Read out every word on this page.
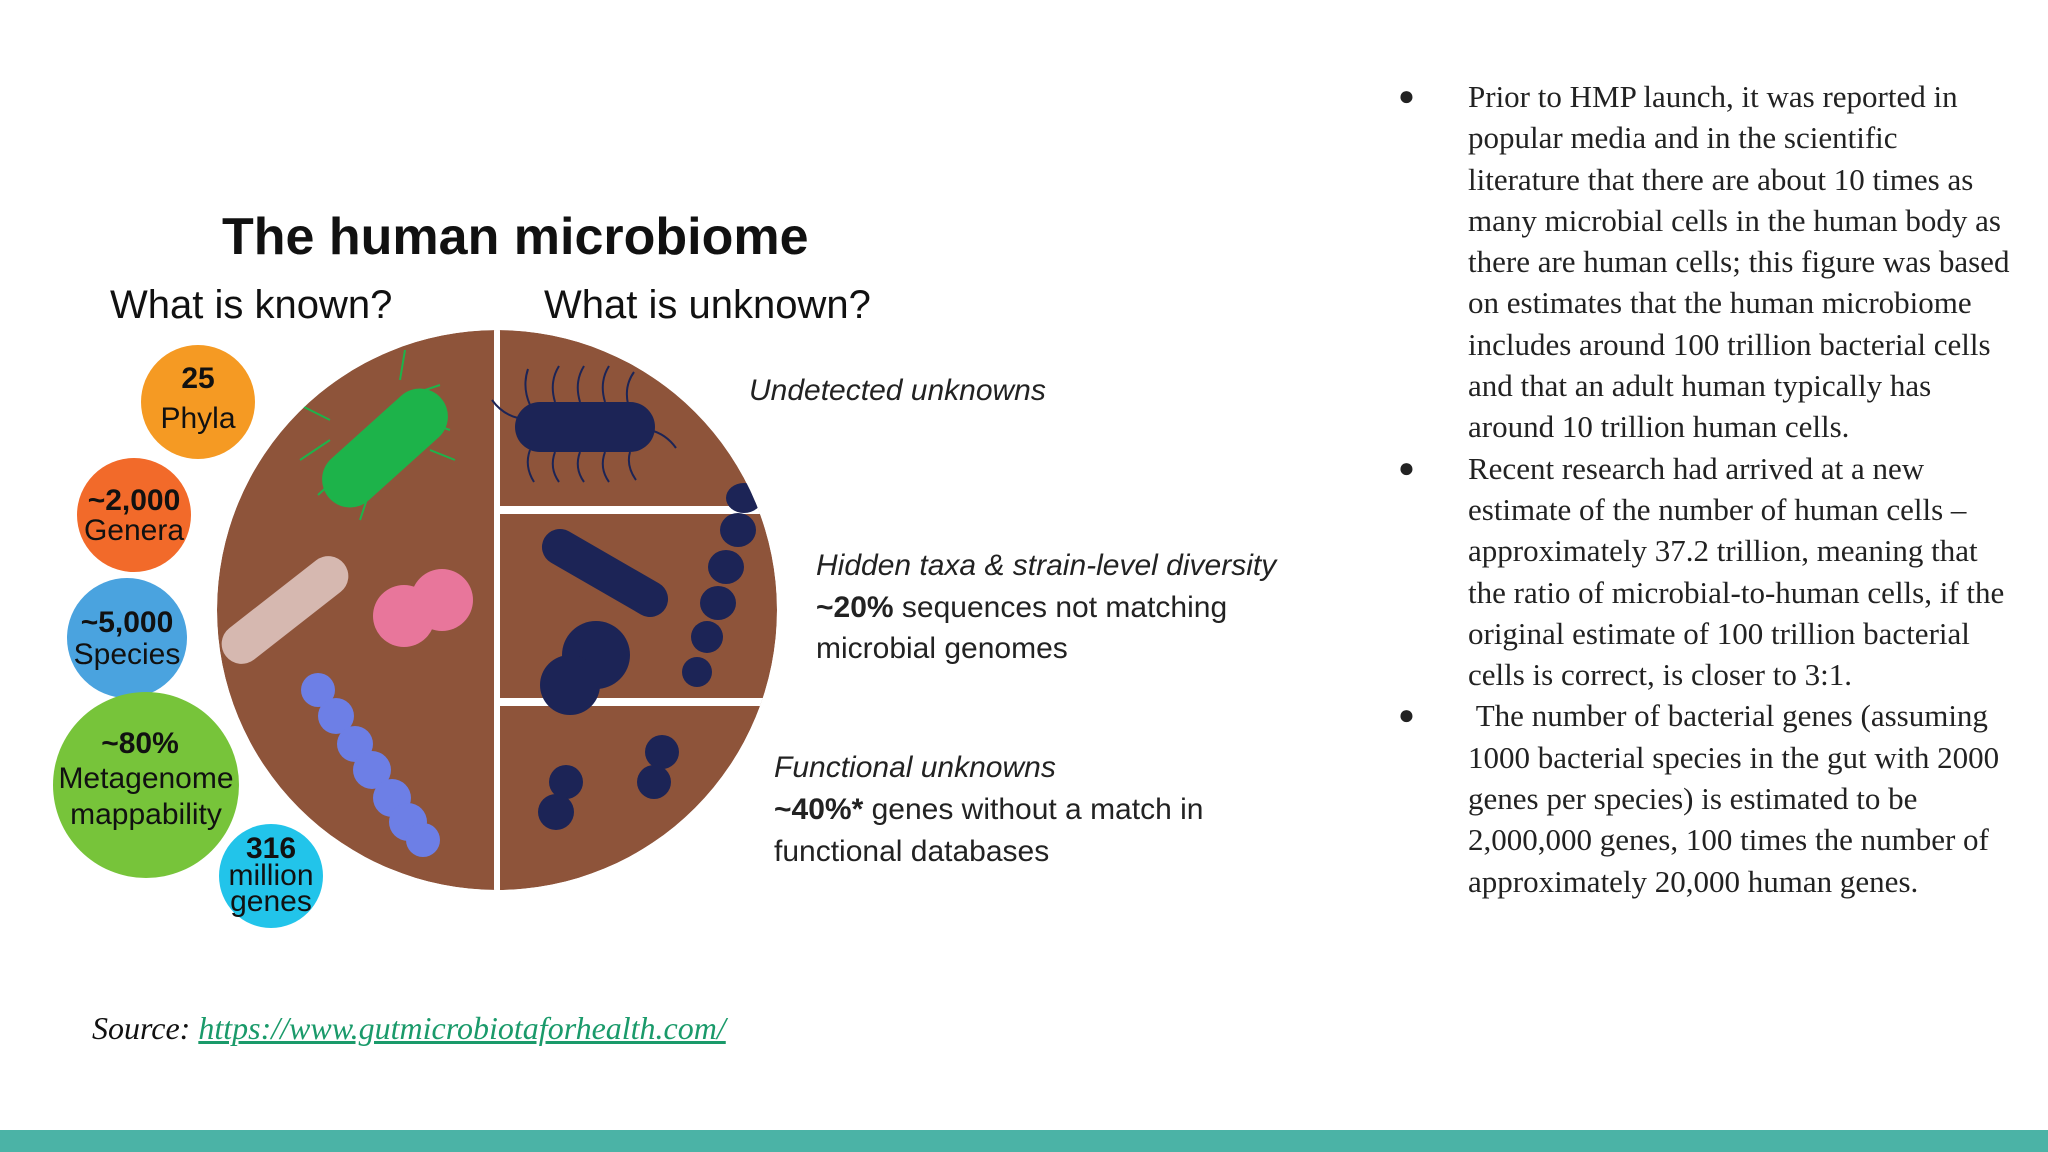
The human microbiome
What is known?	What is unknown?
25
Phyla
~2,000
Genera
~5,000
Species
~80%
Metagenome
mappability
316
million
genes
Undetected unknowns
Hidden taxa & strain-level diversity
~20% sequences not matching
microbial genomes
Functional unknowns
~40%* genes without a match in
functional databases
Source: https://www.gutmicrobiotaforhealth.com/
● Prior to HMP launch, it was reported in popular media and in the scientific literature that there are about 10 times as many microbial cells in the human body as there are human cells; this figure was based on estimates that the human microbiome includes around 100 trillion bacterial cells and that an adult human typically has around 10 trillion human cells.
● Recent research had arrived at a new estimate of the number of human cells – approximately 37.2 trillion, meaning that the ratio of microbial-to-human cells, if the original estimate of 100 trillion bacterial cells is correct, is closer to 3:1.
● The number of bacterial genes (assuming 1000 bacterial species in the gut with 2000 genes per species) is estimated to be 2,000,000 genes, 100 times the number of approximately 20,000 human genes.
